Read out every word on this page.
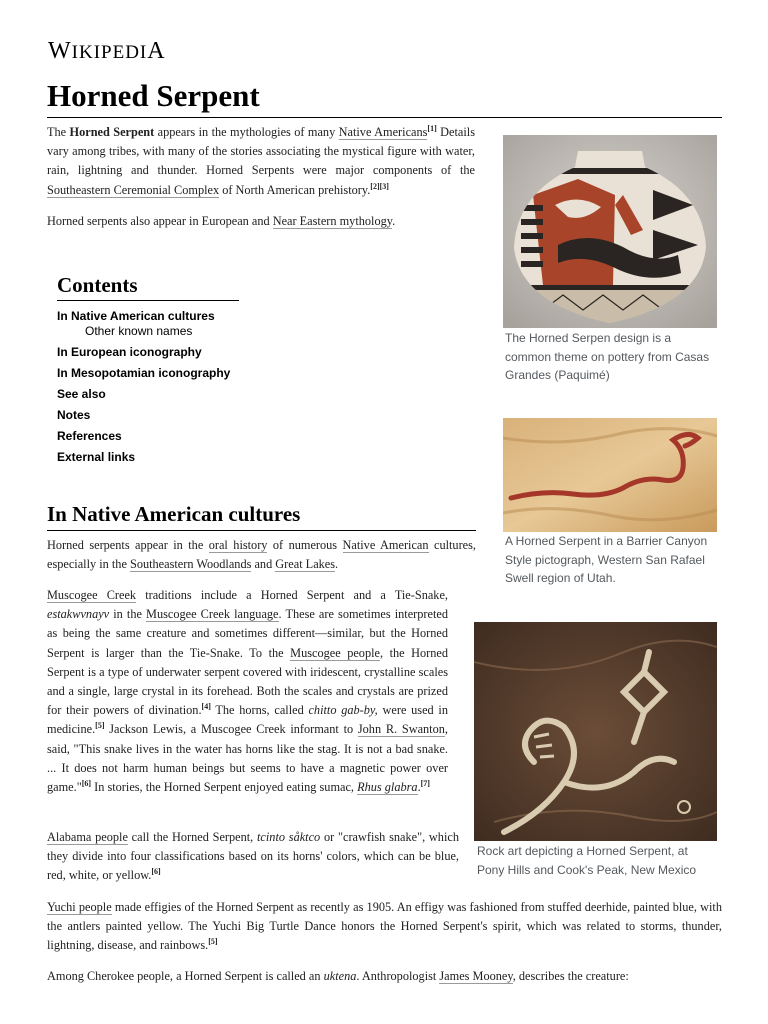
WIKIPEDIA
Horned Serpent

The Horned Serpent appears in the mythologies of many Native Americans[1] Details vary among tribes, with many of the stories associating the mystical figure with water, rain, lightning and thunder. Horned Serpents were major components of the Southeastern Ceremonial Complex of North American prehistory.[2][3]

Horned serpents also appear in European and Near Eastern mythology.

Contents
In Native American cultures
Other known names
In European iconography
In Mesopotamian iconography
See also
Notes
References
External links
In Native American cultures

Horned serpents appear in the oral history of numerous Native American cultures, especially in the Southeastern Woodlands and Great Lakes.

Muscogee Creek traditions include a Horned Serpent and a Tie-Snake, estakwvnayv in the Muscogee Creek language. These are sometimes interpreted as being the same creature and sometimes different—similar, but the Horned Serpent is larger than the Tie-Snake. To the Muscogee people, the Horned Serpent is a type of underwater serpent covered with iridescent, crystalline scales and a single, large crystal in its forehead. Both the scales and crystals are prized for their powers of divination.[4] The horns, called chitto gab-by, were used in medicine.[5] Jackson Lewis, a Muscogee Creek informant to John R. Swanton, said, "This snake lives in the water has horns like the stag. It is not a bad snake. ... It does not harm human beings but seems to have a magnetic power over game."[6] In stories, the Horned Serpent enjoyed eating sumac, Rhus glabra.[7]

Alabama people call the Horned Serpent, tcinto såktco or "crawfish snake", which they divide into four classifications based on its horns' colors, which can be blue, red, white, or yellow.[6]

Yuchi people made effigies of the Horned Serpent as recently as 1905. An effigy was fashioned from stuffed deerhide, painted blue, with the antlers painted yellow. The Yuchi Big Turtle Dance honors the Horned Serpent's spirit, which was related to storms, thunder, lightning, disease, and rainbows.[5]

Among Cherokee people, a Horned Serpent is called an uktena. Anthropologist James Mooney, describes the creature:

The Horned Serpen design is a common theme on pottery from Casas Grandes (Paquimé)

A Horned Serpent in a Barrier Canyon Style pictograph, Western San Rafael Swell region of Utah.

Rock art depicting a Horned Serpent, at Pony Hills and Cook's Peak, New Mexico
